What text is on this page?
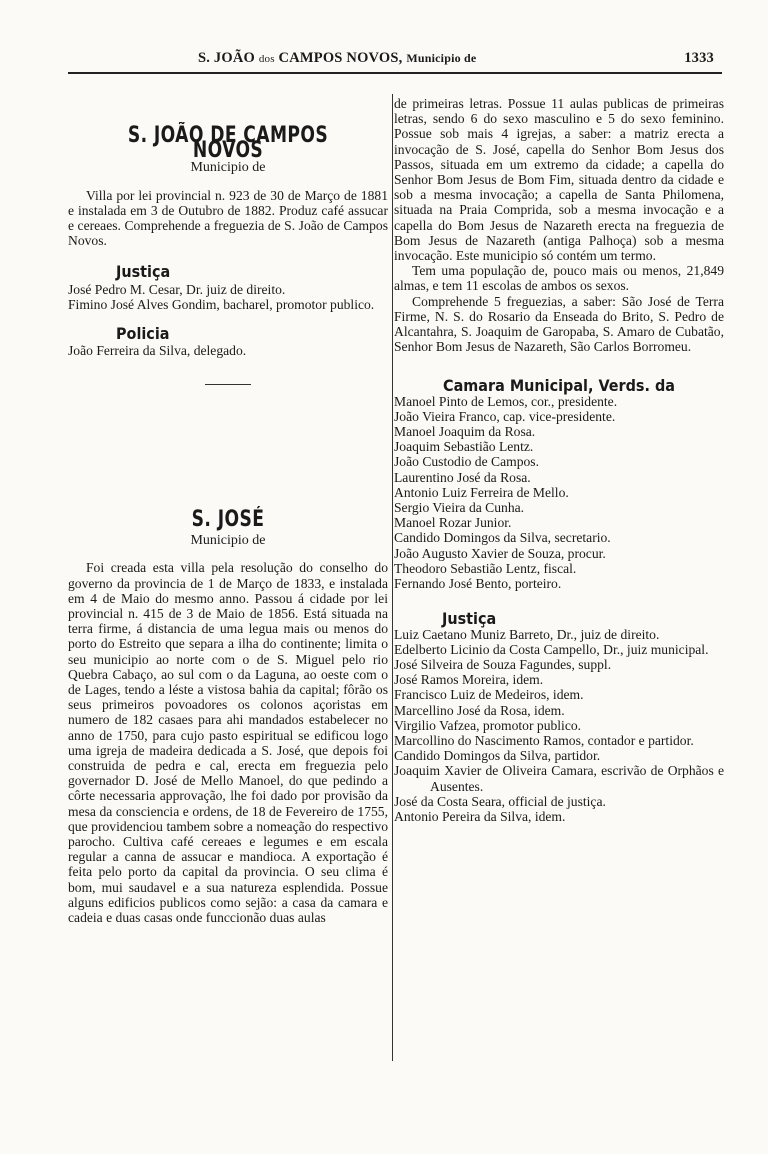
S. JOÃO dos CAMPOS NOVOS, Municipio de	1333
S. JOÃO DE CAMPOS NOVOS
Municipio de

Villa por lei provincial n. 923 de 30 de Março de 1881 e instalada em 3 de Outubro de 1882. Produz café assucar e cereaes. Comprehende a freguezia de S. João de Campos Novos.

Justiça

José Pedro M. Cesar, Dr. juiz de direito.

Fimino José Alves Gondim, bacharel, promotor publico.

Policia

João Ferreira da Silva, delegado.

S. JOSÉ
Municipio de

Foi creada esta villa pela resolução do conselho do governo da provincia de 1 de Março de 1833, e instalada em 4 de Maio do mesmo anno. Passou á cidade por lei provincial n. 415 de 3 de Maio de 1856. Está situada na terra firme, á distancia de uma legua mais ou menos do porto do Estreito que separa a ilha do continente; limita o seu municipio ao norte com o de S. Miguel pelo rio Quebra Cabaço, ao sul com o da Laguna, ao oeste com o de Lages, tendo a léste a vistosa bahia da capital; fôrão os seus primeiros povoadores os colonos açoristas em numero de 182 casaes para ahi mandados estabelecer no anno de 1750, para cujo pasto espiritual se edificou logo uma igreja de madeira dedicada a S. José, que depois foi construida de pedra e cal, erecta em freguezia pelo governador D. José de Mello Manoel, do que pedindo a côrte necessaria approvação, lhe foi dado por provisão da mesa da consciencia e ordens, de 18 de Fevereiro de 1755, que providenciou tambem sobre a nomeação do respectivo parocho. Cultiva café cereaes e legumes e em escala regular a canna de assucar e mandioca. A exportação é feita pelo porto da capital da provincia. O seu clima é bom, mui saudavel e a sua natureza esplendida. Possue alguns edificios publicos como sejão: a casa da camara e cadeia e duas casas onde funccionão duas aulas

de primeiras letras. Possue 11 aulas publicas de primeiras letras, sendo 6 do sexo masculino e 5 do sexo feminino. Possue sob mais 4 igrejas, a saber: a matriz erecta a invocação de S. José, capella do Senhor Bom Jesus dos Passos, situada em um extremo da cidade; a capella do Senhor Bom Jesus de Bom Fim, situada dentro da cidade e sob a mesma invocação; a capella de Santa Philomena, situada na Praia Comprida, sob a mesma invocação e a capella do Bom Jesus de Nazareth erecta na freguezia de Bom Jesus de Nazareth (antiga Palhoça) sob a mesma invocação. Este municipio só contém um termo.

Tem uma população de, pouco mais ou menos, 21,849 almas, e tem 11 escolas de ambos os sexos.

Comprehende 5 freguezias, a saber: São José de Terra Firme, N. S. do Rosario da Enseada do Brito, S. Pedro de Alcantahra, S. Joaquim de Garopaba, S. Amaro de Cubatão, Senhor Bom Jesus de Nazareth, São Carlos Borromeu.

Camara Municipal, Verds. da

Manoel Pinto de Lemos, cor., presidente.

João Vieira Franco, cap. vice-presidente.

Manoel Joaquim da Rosa.

Joaquim Sebastião Lentz.

João Custodio de Campos.

Laurentino José da Rosa.

Antonio Luiz Ferreira de Mello.

Sergio Vieira da Cunha.

Manoel Rozar Junior.

Candido Domingos da Silva, secretario.

João Augusto Xavier de Souza, procur.

Theodoro Sebastião Lentz, fiscal.

Fernando José Bento, porteiro.

Justiça

Luiz Caetano Muniz Barreto, Dr., juiz de direito.

Edelberto Licinio da Costa Campello, Dr., juiz municipal.

José Silveira de Souza Fagundes, suppl.

José Ramos Moreira, idem.

Francisco Luiz de Medeiros, idem.

Marcellino José da Rosa, idem.

Virgilio Vafzea, promotor publico.

Marcollino do Nascimento Ramos, contador e partidor.

Candido Domingos da Silva, partidor.

Joaquim Xavier de Oliveira Camara, escrivão de Orphãos e Ausentes.

José da Costa Seara, official de justiça.

Antonio Pereira da Silva, idem.
